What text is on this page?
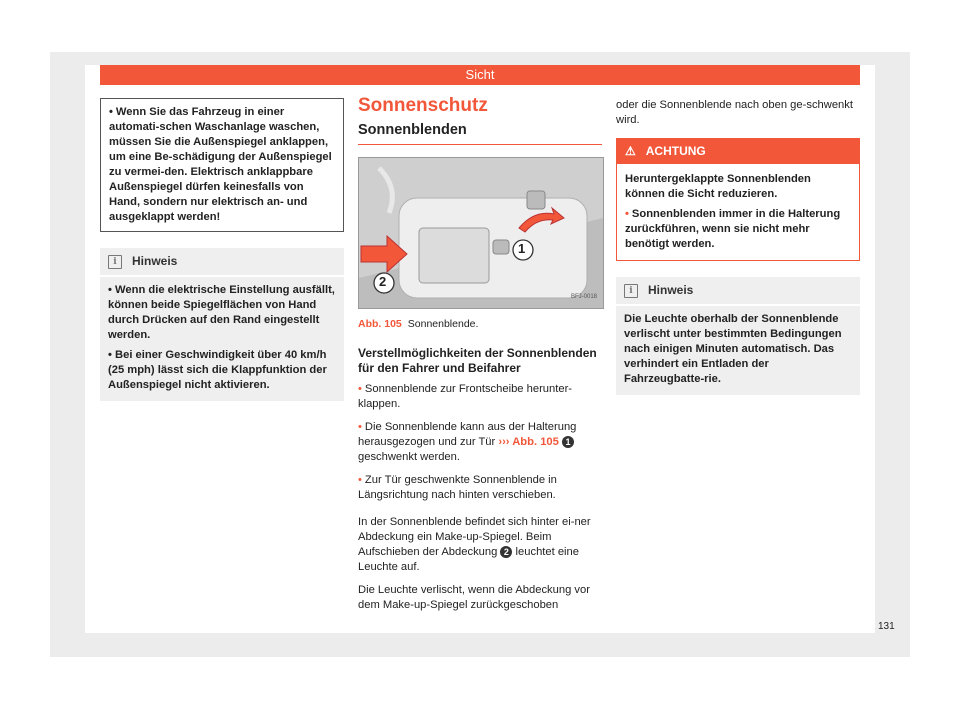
Sicht
• Wenn Sie das Fahrzeug in einer automati-schen Waschanlage waschen, müssen Sie die Außenspiegel anklappen, um eine Be-schädigung der Außenspiegel zu vermei-den. Elektrisch anklappbare Außenspiegel dürfen keinesfalls von Hand, sondern nur elektrisch an- und ausgeklappt werden!
i	Hinweis
• Wenn die elektrische Einstellung ausfällt, können beide Spiegelflächen von Hand durch Drücken auf den Rand eingestellt werden.
• Bei einer Geschwindigkeit über 40 km/h (25 mph) lässt sich die Klappfunktion der Außenspiegel nicht aktivieren.
Sonnenschutz
Sonnenblenden
1
2
BFJ-0018
Abb. 105 Sonnenblende.
Verstellmöglichkeiten der Sonnenblenden für den Fahrer und Beifahrer

• Sonnenblende zur Frontscheibe herunter-klappen.

• Die Sonnenblende kann aus der Halterung herausgezogen und zur Tür ››› Abb. 105 1 geschwenkt werden.

• Zur Tür geschwenkte Sonnenblende in Längsrichtung nach hinten verschieben.

In der Sonnenblende befindet sich hinter ei-ner Abdeckung ein Make-up-Spiegel. Beim Aufschieben der Abdeckung 2 leuchtet eine Leuchte auf.

Die Leuchte verlischt, wenn die Abdeckung vor dem Make-up-Spiegel zurückgeschoben

oder die Sonnenblende nach oben ge-schwenkt wird.

⚠ ACHTUNG
Heruntergeklappte Sonnenblenden können die Sicht reduzieren.
• Sonnenblenden immer in die Halterung zurückführen, wenn sie nicht mehr benötigt werden.
i	Hinweis
Die Leuchte oberhalb der Sonnenblende verlischt unter bestimmten Bedingungen nach einigen Minuten automatisch. Das verhindert ein Entladen der Fahrzeugbatte-rie.
131
